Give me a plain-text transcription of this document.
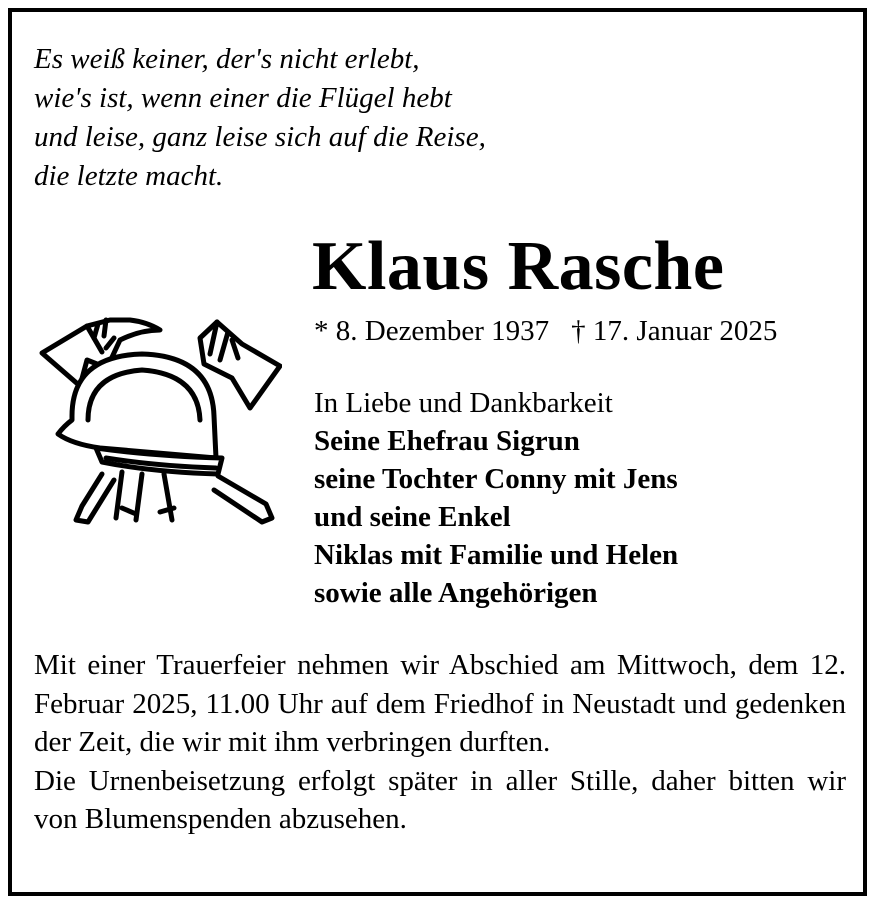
Es weiß keiner, der's nicht erlebt,
wie's ist, wenn einer die Flügel hebt
und leise, ganz leise sich auf die Reise,
die letzte macht.
Klaus Rasche
* 8. Dezember 1937 † 17. Januar 2025
In Liebe und Dankbarkeit
Seine Ehefrau Sigrun
seine Tochter Conny mit Jens
und seine Enkel
Niklas mit Familie und Helen
sowie alle Angehörigen

Mit einer Trauerfeier nehmen wir Abschied am Mittwoch, dem 12. Februar 2025, 11.00 Uhr auf dem Friedhof in Neustadt und gedenken der Zeit, die wir mit ihm verbringen durften.

Die Urnenbeisetzung erfolgt später in aller Stille, daher bitten wir von Blumenspenden abzusehen.
